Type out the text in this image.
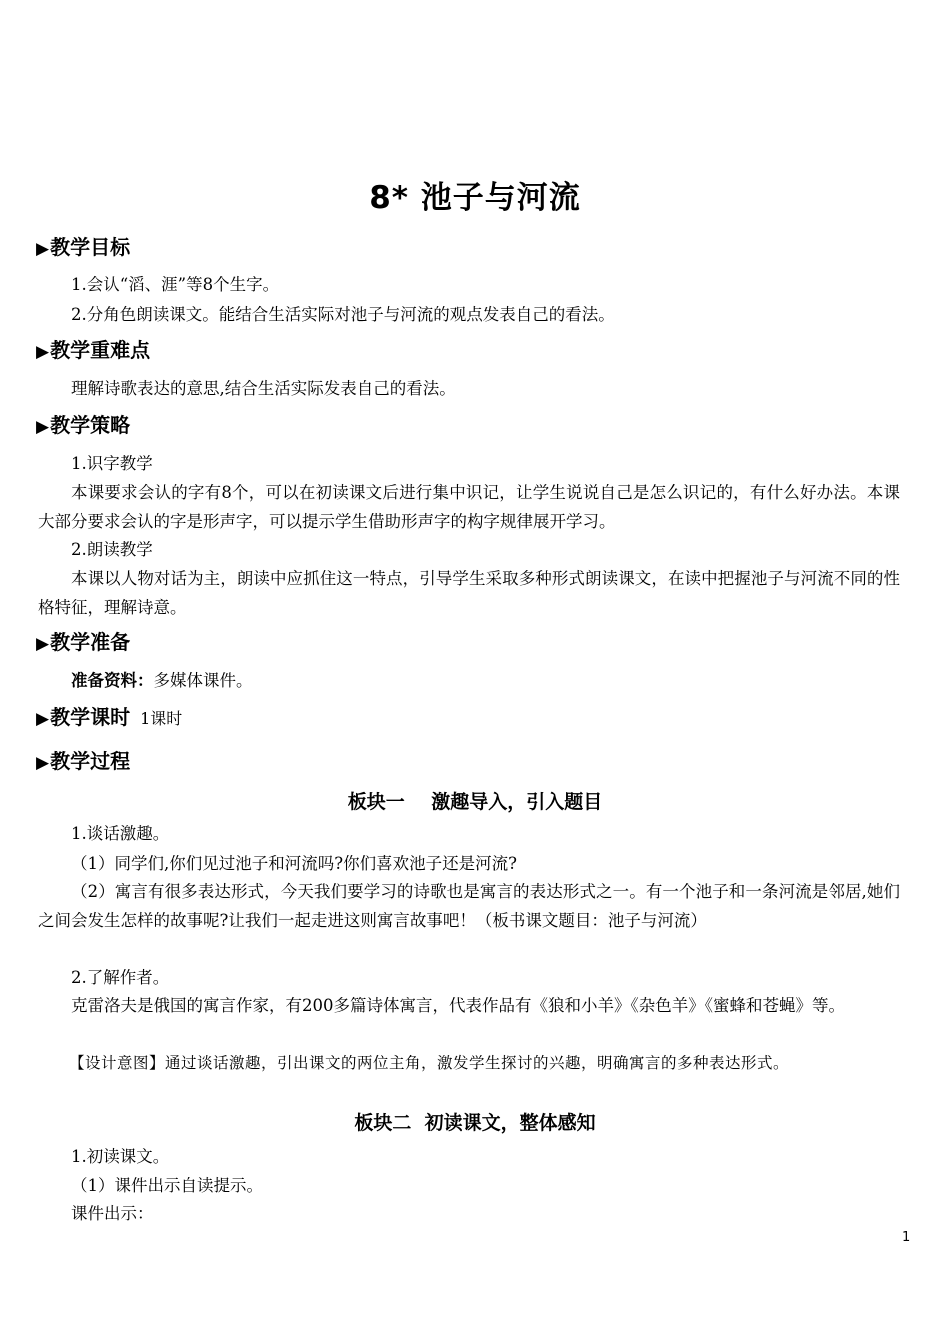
8* 池子与河流
▶教学目标
1.会认“滔、涯”等8个生字。
2.分角色朗读课文。能结合生活实际对池子与河流的观点发表自己的看法。
▶教学重难点
理解诗歌表达的意思,结合生活实际发表自己的看法。
▶教学策略
1.识字教学
本课要求会认的字有8个，可以在初读课文后进行集中识记，让学生说说自己是怎么识记的，有什么好办法。本课大部分要求会认的字是形声字，可以提示学生借助形声字的构字规律展开学习。
2.朗读教学
本课以人物对话为主，朗读中应抓住这一特点，引导学生采取多种形式朗读课文，在读中把握池子与河流不同的性格特征，理解诗意。
▶教学准备
准备资料：多媒体课件。
▶教学课时 1课时
▶教学过程
板块一    激趣导入，引入题目
1.谈话激趣。
（1）同学们,你们见过池子和河流吗?你们喜欢池子还是河流?
（2）寓言有很多表达形式，今天我们要学习的诗歌也是寓言的表达形式之一。有一个池子和一条河流是邻居,她们之间会发生怎样的故事呢?让我们一起走进这则寓言故事吧！（板书课文题目：池子与河流）
2.了解作者。
克雷洛夫是俄国的寓言作家，有200多篇诗体寓言，代表作品有《狼和小羊》《杂色羊》《蜜蜂和苍蝇》等。
【设计意图】通过谈话激趣，引出课文的两位主角，激发学生探讨的兴趣，明确寓言的多种表达形式。
板块二  初读课文，整体感知
1.初读课文。
（1）课件出示自读提示。
课件出示：
1
